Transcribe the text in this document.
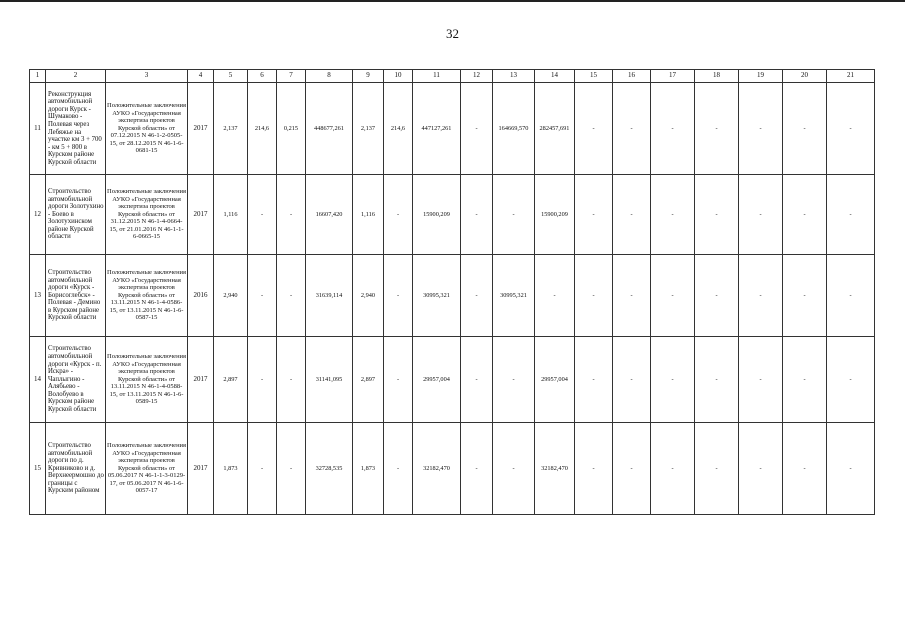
32
1	2	3	4	5	6	7	8	9	10	11	12	13	14	15	16	17	18	19	20	21
11	Реконструкция автомобильной дороги Курск - Шумаково - Полевая через Лебяжье на участке км 3 + 700 - км 5 + 800 в Курском районе Курской области	Положительные заключения АУКО «Государственная экспертиза проектов Курской области» от 07.12.2015 N 46-1-2-0505-15, от 28.12.2015 N 46-1-6-0681-15	2017	2,137	214,6	0,215	448677,261	2,137	214,6	447127,261	-	164669,570	282457,691	-	-	-	-	-	-	-
12	Строительство автомобильной дороги Золотухино - Боево в Золотухинском районе Курской области	Положительные заключения АУКО «Государственная экспертиза проектов Курской области» от 31.12.2015 N 46-1-4-0664-15, от 21.01.2016 N 46-1-1-6-0665-15	2017	1,116	-	-	16607,420	1,116	-	15900,209	-	-	15900,209	-	-	-	-	-	-	-
13	Строительство автомобильной дороги «Курск - Борисоглебск» - Полевая - Демино в Курском районе Курской области	Положительные заключения АУКО «Государственная экспертиза проектов Курской области» от 13.11.2015 N 46-1-4-0586-15, от 13.11.2015 N 46-1-6-0587-15	2016	2,940	-	-	31639,114	2,940	-	30995,321	-	30995,321	-	-	-	-	-	-	-	-
14	Строительство автомобильной дороги «Курск - п. Искра» - Чаплыгино - Алябьево - Волобуево в Курском районе Курской области	Положительные заключения АУКО «Государственная экспертиза проектов Курской области» от 13.11.2015 N 46-1-4-0588-15, от 13.11.2015 N 46-1-6-0589-15	2017	2,897	-	-	31141,095	2,897	-	29957,004	-	-	29957,004	-	-	-	-	-	-	-
15	Строительство автомобильной дороги по д. Кривниково и д. Верхнеермошно до границы с Курским районом	Положительные заключения АУКО «Государственная экспертиза проектов Курской области» от 05.06.2017 N 46-1-1-3-0129-17, от 05.06.2017 N 46-1-6-0057-17	2017	1,873	-	-	32728,535	1,873	-	32182,470	-	-	32182,470	-	-	-	-	-	-	-
